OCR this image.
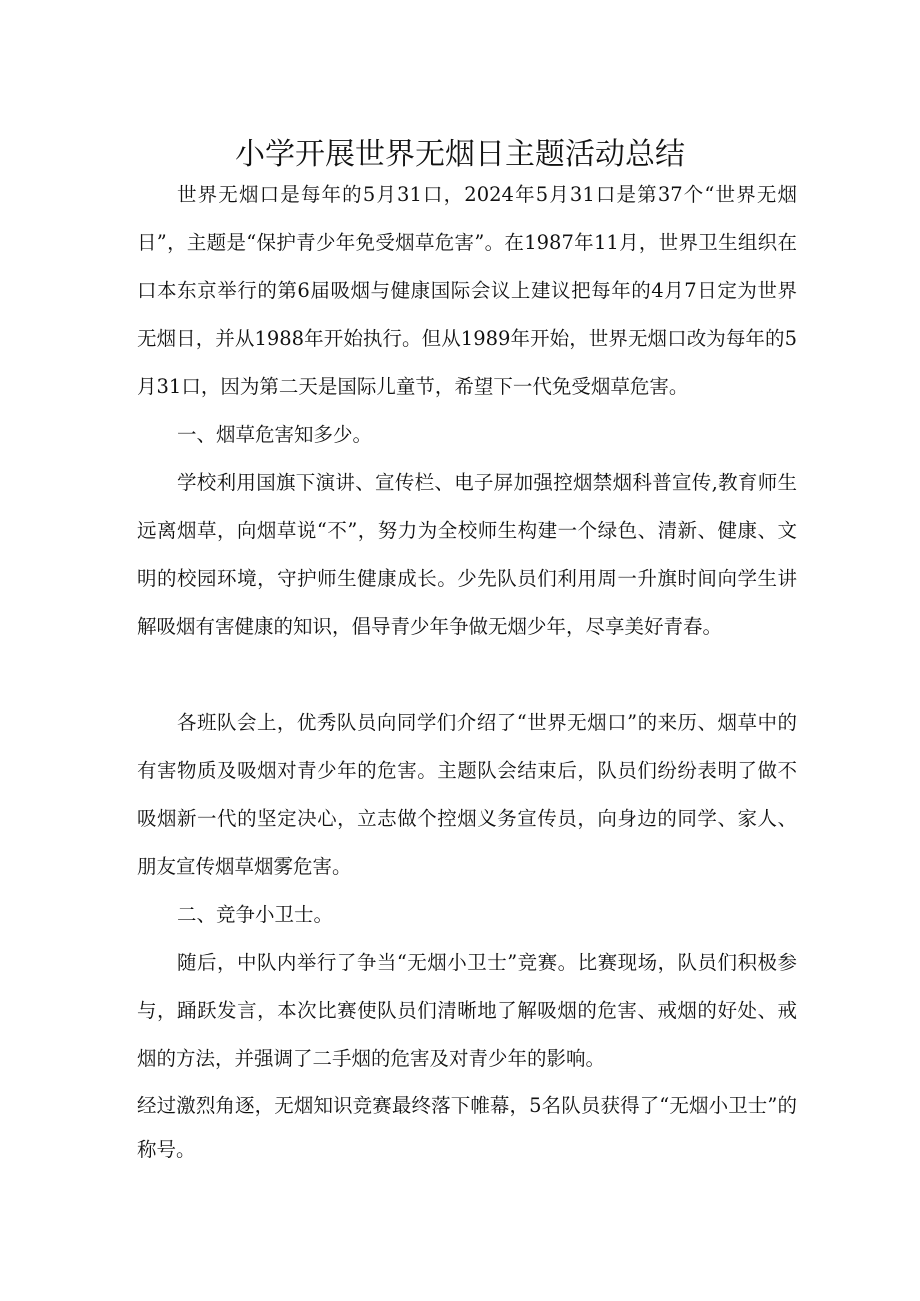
小学开展世界无烟日主题活动总结

世界无烟口是每年的5月31口，2024年5月31口是第37个“世界无烟日”，主题是“保护青少年免受烟草危害”。在1987年11月，世界卫生组织在口本东京举行的第6届吸烟与健康国际会议上建议把每年的4月7日定为世界无烟日，并从1988年开始执行。但从1989年开始，世界无烟口改为每年的5月31口，因为第二天是国际儿童节，希望下一代免受烟草危害。

一、烟草危害知多少。

学校利用国旗下演讲、宣传栏、电子屏加强控烟禁烟科普宣传,教育师生远离烟草，向烟草说“不”，努力为全校师生构建一个绿色、清新、健康、文明的校园环境，守护师生健康成长。少先队员们利用周一升旗时间向学生讲解吸烟有害健康的知识，倡导青少年争做无烟少年，尽享美好青春。

各班队会上，优秀队员向同学们介绍了“世界无烟口”的来历、烟草中的有害物质及吸烟对青少年的危害。主题队会结束后，队员们纷纷表明了做不吸烟新一代的坚定决心，立志做个控烟义务宣传员，向身边的同学、家人、朋友宣传烟草烟雾危害。

二、竞争小卫士。

随后，中队内举行了争当“无烟小卫士”竞赛。比赛现场，队员们积极参与，踊跃发言，本次比赛使队员们清晰地了解吸烟的危害、戒烟的好处、戒烟的方法，并强调了二手烟的危害及对青少年的影响。

经过激烈角逐，无烟知识竞赛最终落下帷幕，5名队员获得了“无烟小卫士”的称号。
